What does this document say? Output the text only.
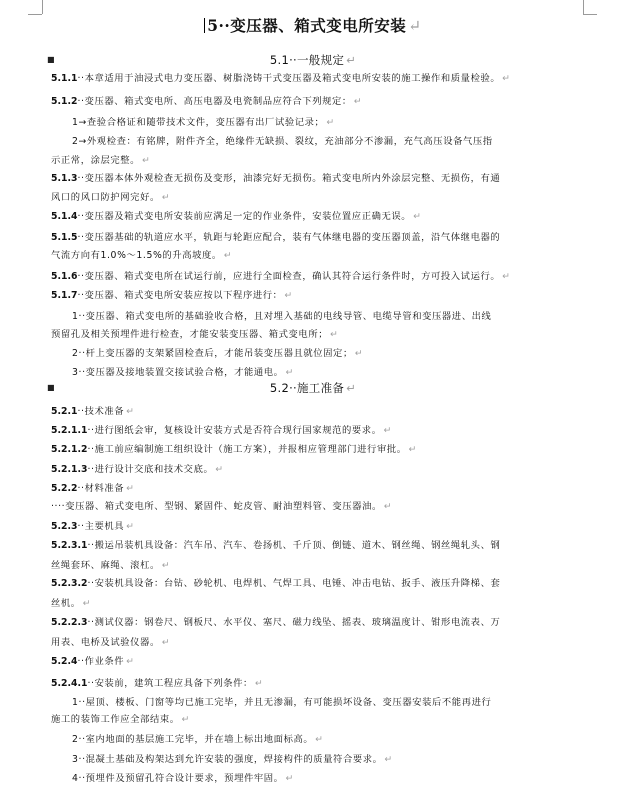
5··变压器、箱式变电所安装 ↵
■	5.1··一般规定 ↵
5.1.1··本章适用于油浸式电力变压器、树脂浇铸干式变压器及箱式变电所安装的施工操作和质量检验。 ↵
5.1.2··变压器、箱式变电所、高压电器及电瓷制品应符合下列规定： ↵
1→查验合格证和随带技术文件，变压器有出厂试验记录； ↵
2→外观检查：有铭牌，附件齐全，绝缘件无缺损、裂纹，充油部分不渗漏，充气高压设备气压指
示正常，涂层完整。 ↵
5.1.3··变压器本体外观检查无损伤及变形，油漆完好无损伤。箱式变电所内外涂层完整、无损伤，有通
风口的风口防护网完好。 ↵
5.1.4··变压器及箱式变电所安装前应满足一定的作业条件，安装位置应正确无误。 ↵
5.1.5··变压器基础的轨道应水平，轨距与轮距应配合，装有气体继电器的变压器顶盖，沿气体继电器的
气流方向有1.0%～1.5%的升高坡度。 ↵
5.1.6··变压器、箱式变电所在试运行前，应进行全面检查，确认其符合运行条件时，方可投入试运行。 ↵
5.1.7··变压器、箱式变电所安装应按以下程序进行： ↵
1··变压器、箱式变电所的基础验收合格，且对埋入基础的电线导管、电缆导管和变压器进、出线
预留孔及相关预埋件进行检查，才能安装变压器、箱式变电所； ↵
2··杆上变压器的支架紧固检查后，才能吊装变压器且就位固定； ↵
3··变压器及接地装置交接试验合格，才能通电。 ↵
■	5.2··施工准备 ↵
5.2.1··技术准备 ↵
5.2.1.1··进行图纸会审，复核设计安装方式是否符合现行国家规范的要求。 ↵
5.2.1.2··施工前应编制施工组织设计（施工方案），并报相应管理部门进行审批。 ↵
5.2.1.3··进行设计交底和技术交底。 ↵
5.2.2··材料准备 ↵
····变压器、箱式变电所、型钢、紧固件、蛇皮管、耐油塑料管、变压器油。 ↵
5.2.3··主要机具 ↵
5.2.3.1··搬运吊装机具设备：汽车吊、汽车、卷扬机、千斤顶、倒链、道木、钢丝绳、钢丝绳轧头、钢
丝绳套环、麻绳、滚杠。 ↵
5.2.3.2··安装机具设备：台钻、砂轮机、电焊机、气焊工具、电锤、冲击电钻、扳手、液压升降梯、套
丝机。 ↵
5.2.2.3··测试仪器：钢卷尺、钢板尺、水平仪、塞尺、磁力线坠、摇表、玻璃温度计、钳形电流表、万
用表、电桥及试验仪器。 ↵
5.2.4··作业条件 ↵
5.2.4.1··安装前，建筑工程应具备下列条件： ↵
1··屋顶、楼板、门窗等均已施工完毕，并且无渗漏，有可能损坏设备、变压器安装后不能再进行
施工的装饰工作应全部结束。 ↵
2··室内地面的基层施工完毕，并在墙上标出地面标高。 ↵
3··混凝土基础及构架达到允许安装的强度，焊接构件的质量符合要求。 ↵
4··预埋件及预留孔符合设计要求，预埋件牢固。 ↵
